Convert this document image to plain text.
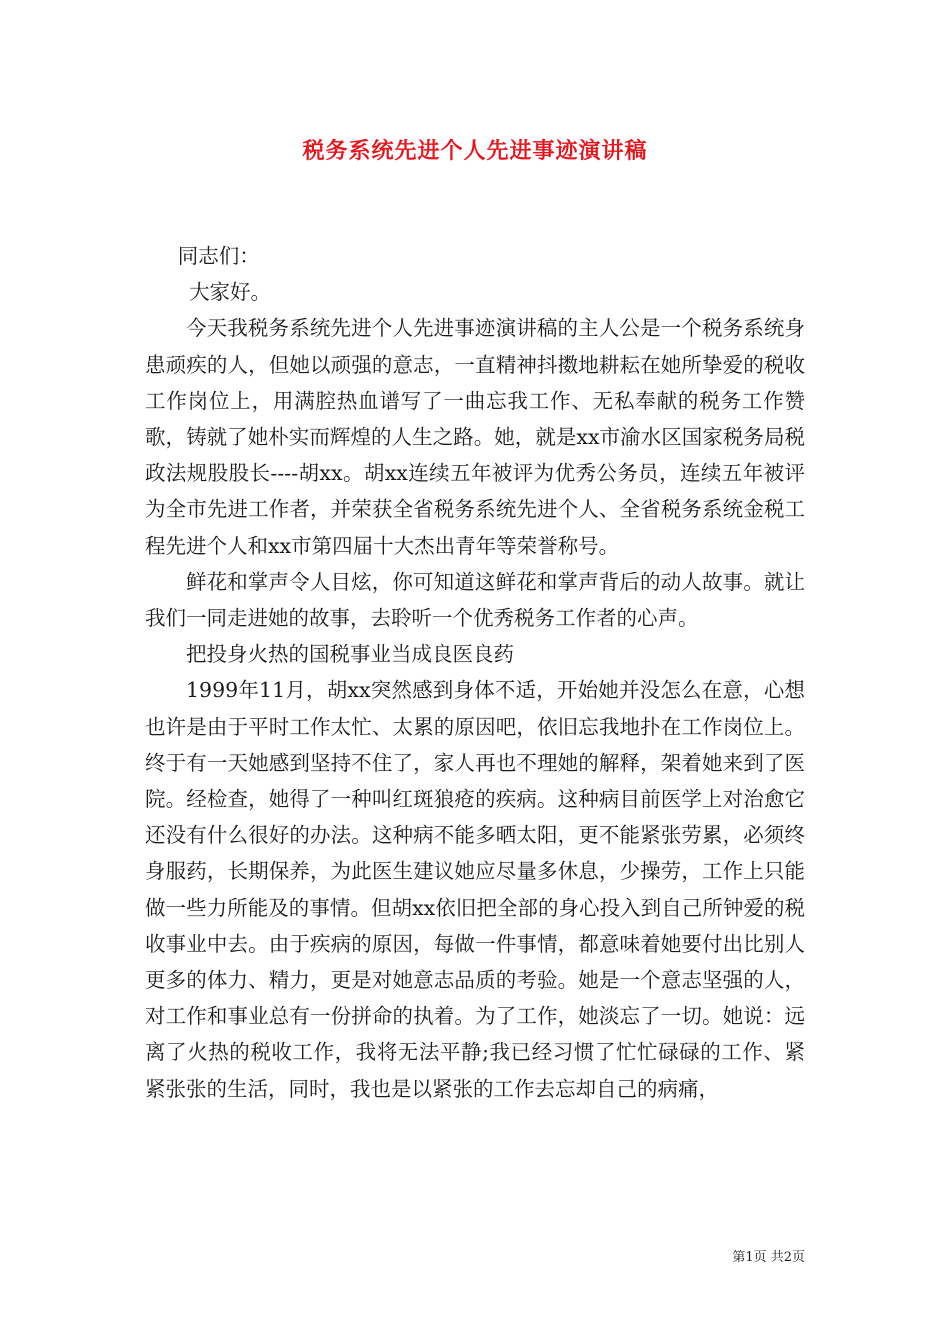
税务系统先进个人先进事迹演讲稿

同志们：

大家好。

今天我税务系统先进个人先进事迹演讲稿的主人公是一个税务系统身患顽疾的人，但她以顽强的意志，一直精神抖擞地耕耘在她所挚爱的税收工作岗位上，用满腔热血谱写了一曲忘我工作、无私奉献的税务工作赞歌，铸就了她朴实而辉煌的人生之路。她，就是xx市渝水区国家税务局税政法规股股长----胡xx。胡xx连续五年被评为优秀公务员，连续五年被评为全市先进工作者，并荣获全省税务系统先进个人、全省税务系统金税工程先进个人和xx市第四届十大杰出青年等荣誉称号。

鲜花和掌声令人目炫，你可知道这鲜花和掌声背后的动人故事。就让我们一同走进她的故事，去聆听一个优秀税务工作者的心声。

把投身火热的国税事业当成良医良药

1999年11月，胡xx突然感到身体不适，开始她并没怎么在意，心想也许是由于平时工作太忙、太累的原因吧，依旧忘我地扑在工作岗位上。终于有一天她感到坚持不住了，家人再也不理她的解释，架着她来到了医院。经检查，她得了一种叫红斑狼疮的疾病。这种病目前医学上对治愈它还没有什么很好的办法。这种病不能多晒太阳，更不能紧张劳累，必须终身服药，长期保养，为此医生建议她应尽量多休息，少操劳，工作上只能做一些力所能及的事情。但胡xx依旧把全部的身心投入到自己所钟爱的税收事业中去。由于疾病的原因，每做一件事情，都意味着她要付出比别人更多的体力、精力，更是对她意志品质的考验。她是一个意志坚强的人，对工作和事业总有一份拼命的执着。为了工作，她淡忘了一切。她说：远离了火热的税收工作，我将无法平静;我已经习惯了忙忙碌碌的工作、紧紧张张的生活，同时，我也是以紧张的工作去忘却自己的病痛，

第1页 共2页
